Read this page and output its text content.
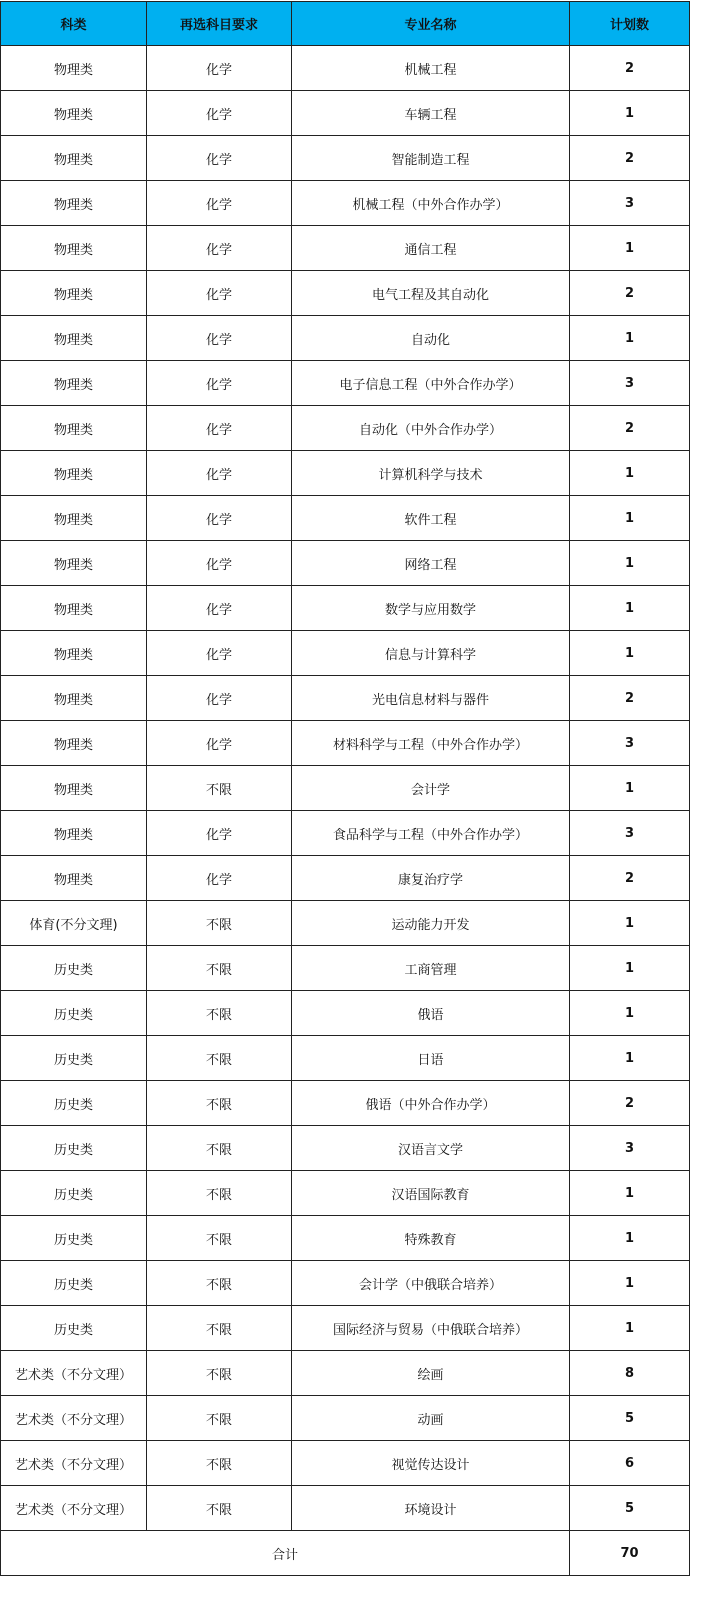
科类	再选科目要求	专业名称	计划数
物理类	化学	机械工程	2
物理类	化学	车辆工程	1
物理类	化学	智能制造工程	2
物理类	化学	机械工程（中外合作办学）	3
物理类	化学	通信工程	1
物理类	化学	电气工程及其自动化	2
物理类	化学	自动化	1
物理类	化学	电子信息工程（中外合作办学）	3
物理类	化学	自动化（中外合作办学）	2
物理类	化学	计算机科学与技术	1
物理类	化学	软件工程	1
物理类	化学	网络工程	1
物理类	化学	数学与应用数学	1
物理类	化学	信息与计算科学	1
物理类	化学	光电信息材料与器件	2
物理类	化学	材料科学与工程（中外合作办学）	3
物理类	不限	会计学	1
物理类	化学	食品科学与工程（中外合作办学）	3
物理类	化学	康复治疗学	2
体育(不分文理)	不限	运动能力开发	1
历史类	不限	工商管理	1
历史类	不限	俄语	1
历史类	不限	日语	1
历史类	不限	俄语（中外合作办学）	2
历史类	不限	汉语言文学	3
历史类	不限	汉语国际教育	1
历史类	不限	特殊教育	1
历史类	不限	会计学（中俄联合培养）	1
历史类	不限	国际经济与贸易（中俄联合培养）	1
艺术类（不分文理）	不限	绘画	8
艺术类（不分文理）	不限	动画	5
艺术类（不分文理）	不限	视觉传达设计	6
艺术类（不分文理）	不限	环境设计	5
合计			70
